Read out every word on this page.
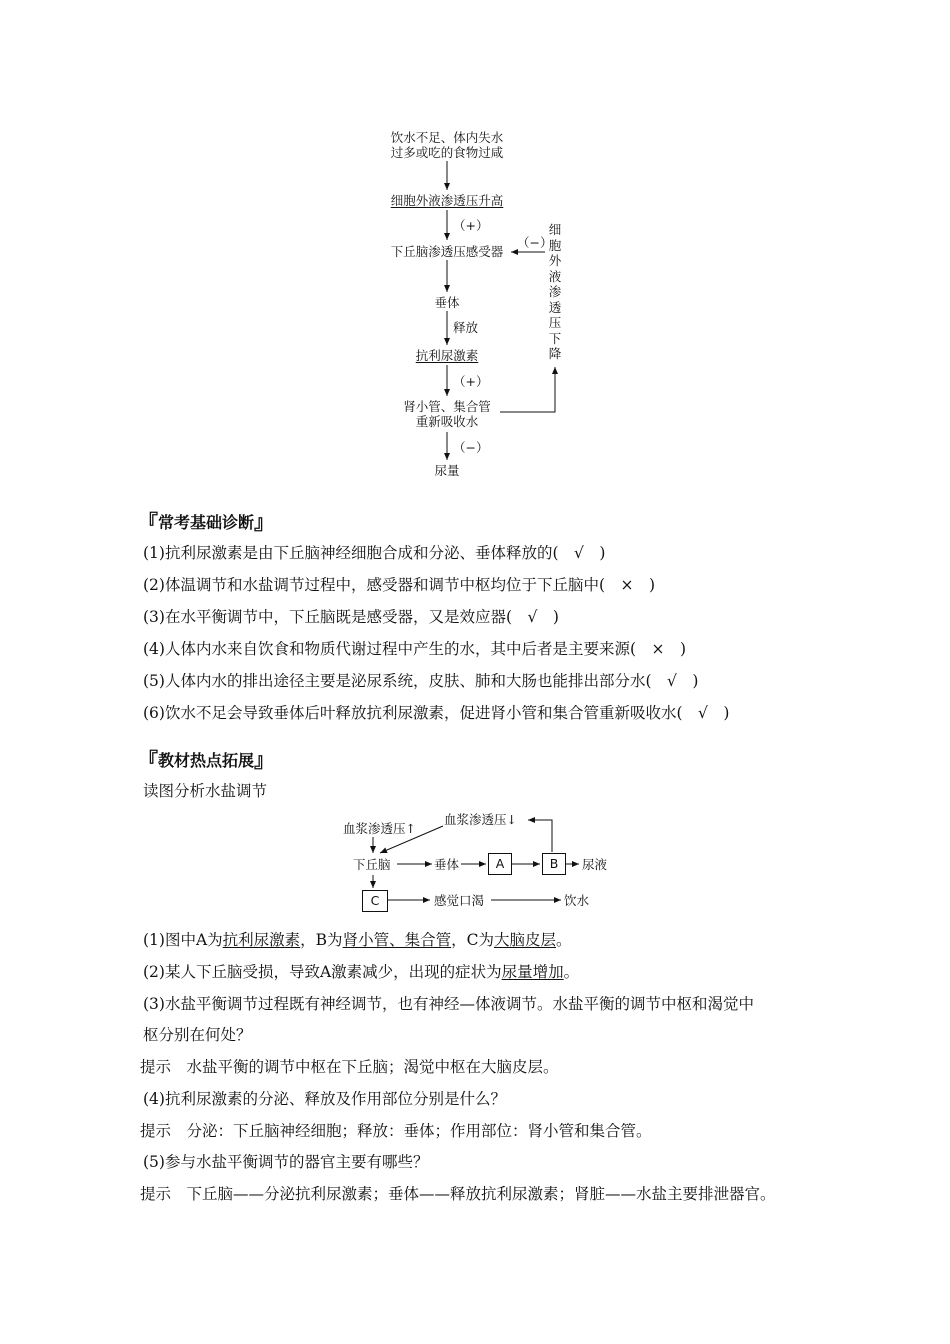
饮水不足、体内失水
过多或吃的食物过咸
细胞外液渗透压升高
（+）
下丘脑渗透压感受器
（−）
垂体
释放
抗利尿激素
（+）
肾小管、集合管
重新吸收水
（−）
尿量
细
胞
外
液
渗
透
压
下
降
『常考基础诊断』
(1)抗利尿激素是由下丘脑神经细胞合成和分泌、垂体释放的(　√　)
(2)体温调节和水盐调节过程中，感受器和调节中枢均位于下丘脑中(　×　)
(3)在水平衡调节中，下丘脑既是感受器，又是效应器(　√　)
(4)人体内水来自饮食和物质代谢过程中产生的水，其中后者是主要来源(　×　)
(5)人体内水的排出途径主要是泌尿系统，皮肤、肺和大肠也能排出部分水(　√　)
(6)饮水不足会导致垂体后叶释放抗利尿激素，促进肾小管和集合管重新吸收水(　√　)
『教材热点拓展』
读图分析水盐调节
血浆渗透压↑
血浆渗透压↓
下丘脑	垂体	A	B	尿液
C	感觉口渴	饮水
(1)图中A为抗利尿激素，B为肾小管、集合管，C为大脑皮层。
(2)某人下丘脑受损，导致A激素减少，出现的症状为尿量增加。
(3)水盐平衡调节过程既有神经调节，也有神经—体液调节。水盐平衡的调节中枢和渴觉中
枢分别在何处？
提示　 水盐平衡的调节中枢在下丘脑；渴觉中枢在大脑皮层。
(4)抗利尿激素的分泌、释放及作用部位分别是什么？
提示　 分泌：下丘脑神经细胞；释放：垂体；作用部位：肾小管和集合管。
(5)参与水盐平衡调节的器官主要有哪些？
提示　 下丘脑——分泌抗利尿激素；垂体——释放抗利尿激素；肾脏——水盐主要排泄器官。
